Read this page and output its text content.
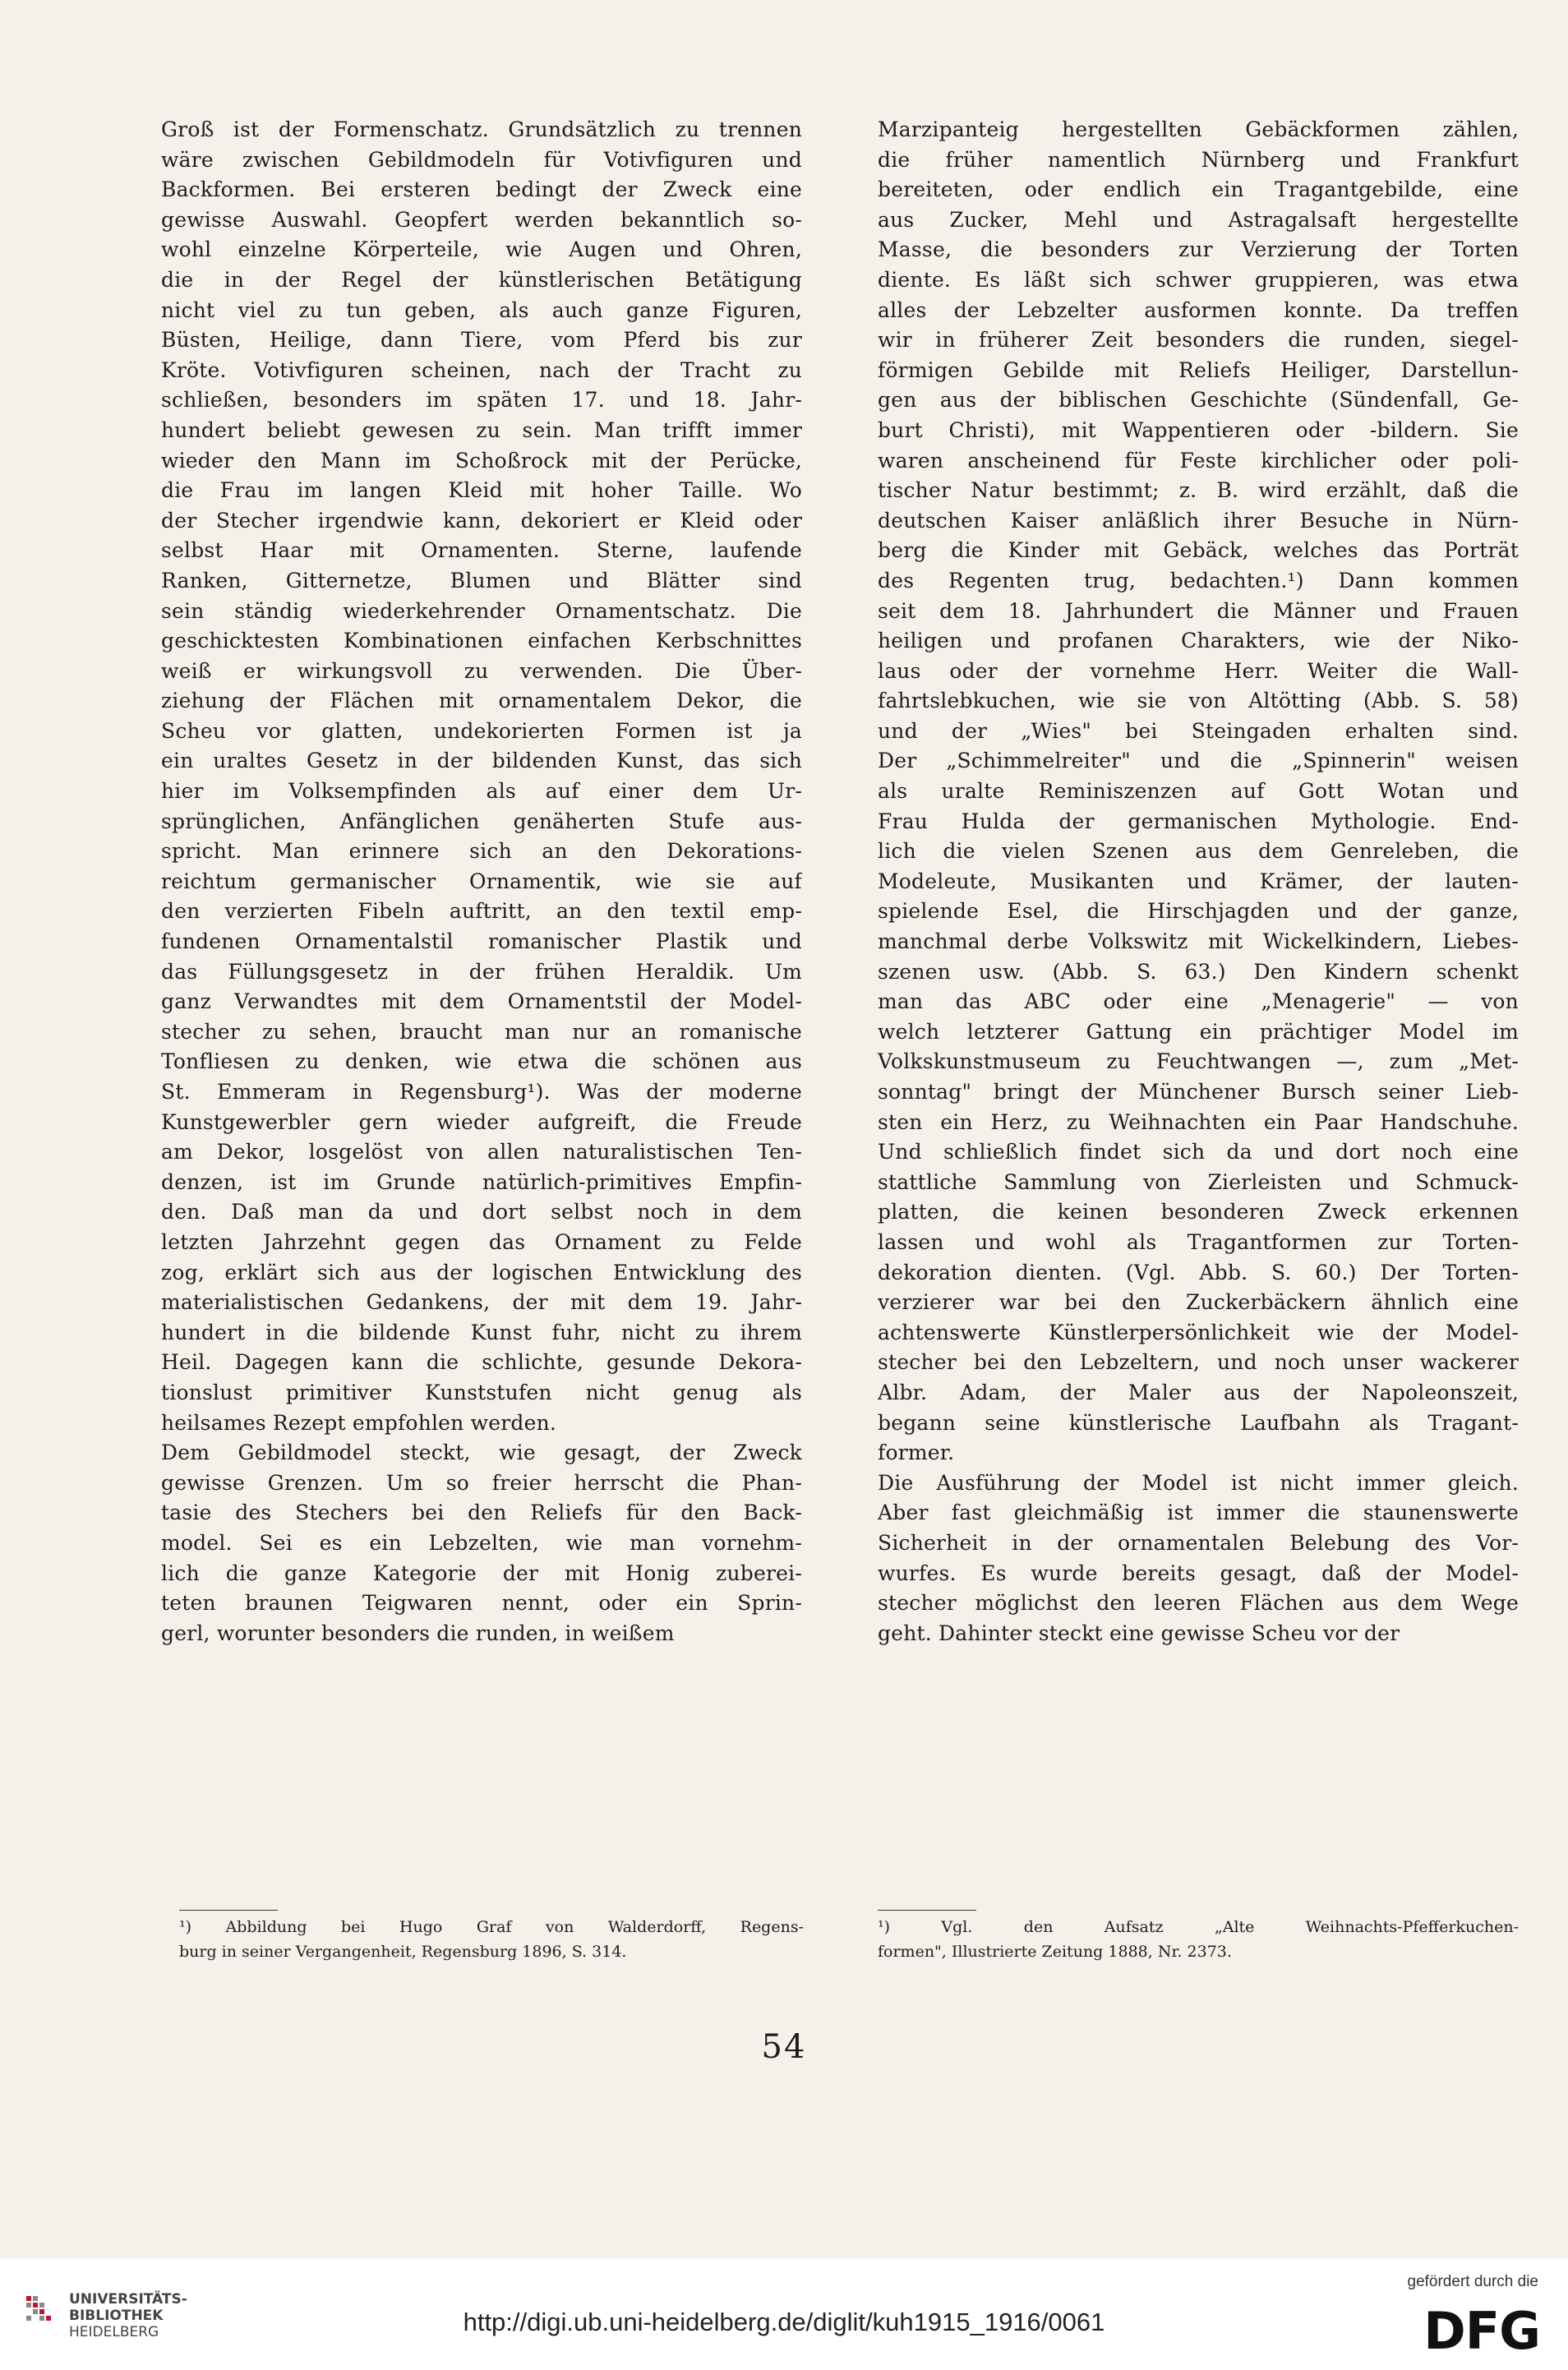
Groß ist der Formenschatz. Grundsätzlich zu trennen
wäre zwischen Gebildmodeln für Votivfiguren und
Backformen. Bei ersteren bedingt der Zweck eine
gewisse Auswahl. Geopfert werden bekanntlich so-
wohl einzelne Körperteile, wie Augen und Ohren,
die in der Regel der künstlerischen Betätigung
nicht viel zu tun geben, als auch ganze Figuren,
Büsten, Heilige, dann Tiere, vom Pferd bis zur
Kröte. Votivfiguren scheinen, nach der Tracht zu
schließen, besonders im späten 17. und 18. Jahr-
hundert beliebt gewesen zu sein. Man trifft immer
wieder den Mann im Schoßrock mit der Perücke,
die Frau im langen Kleid mit hoher Taille. Wo
der Stecher irgendwie kann, dekoriert er Kleid oder
selbst Haar mit Ornamenten. Sterne, laufende
Ranken, Gitternetze, Blumen und Blätter sind
sein ständig wiederkehrender Ornamentschatz. Die
geschicktesten Kombinationen einfachen Kerbschnittes
weiß er wirkungsvoll zu verwenden. Die Über-
ziehung der Flächen mit ornamentalem Dekor, die
Scheu vor glatten, undekorierten Formen ist ja
ein uraltes Gesetz in der bildenden Kunst, das sich
hier im Volksempfinden als auf einer dem Ur-
sprünglichen, Anfänglichen genäherten Stufe aus-
spricht. Man erinnere sich an den Dekorations-
reichtum germanischer Ornamentik, wie sie auf
den verzierten Fibeln auftritt, an den textil emp-
fundenen Ornamentalstil romanischer Plastik und
das Füllungsgesetz in der frühen Heraldik. Um
ganz Verwandtes mit dem Ornamentstil der Model-
stecher zu sehen, braucht man nur an romanische
Tonfliesen zu denken, wie etwa die schönen aus
St. Emmeram in Regensburg¹). Was der moderne
Kunstgewerbler gern wieder aufgreift, die Freude
am Dekor, losgelöst von allen naturalistischen Ten-
denzen, ist im Grunde natürlich-primitives Empfin-
den. Daß man da und dort selbst noch in dem
letzten Jahrzehnt gegen das Ornament zu Felde
zog, erklärt sich aus der logischen Entwicklung des
materialistischen Gedankens, der mit dem 19. Jahr-
hundert in die bildende Kunst fuhr, nicht zu ihrem
Heil. Dagegen kann die schlichte, gesunde Dekora-
tionslust primitiver Kunststufen nicht genug als
heilsames Rezept empfohlen werden.
Dem Gebildmodel steckt, wie gesagt, der Zweck
gewisse Grenzen. Um so freier herrscht die Phan-
tasie des Stechers bei den Reliefs für den Back-
model. Sei es ein Lebzelten, wie man vornehm-
lich die ganze Kategorie der mit Honig zuberei-
teten braunen Teigwaren nennt, oder ein Sprin-
gerl, worunter besonders die runden, in weißem
Marzipanteig hergestellten Gebäckformen zählen,
die früher namentlich Nürnberg und Frankfurt
bereiteten, oder endlich ein Tragantgebilde, eine
aus Zucker, Mehl und Astragalsaft hergestellte
Masse, die besonders zur Verzierung der Torten
diente. Es läßt sich schwer gruppieren, was etwa
alles der Lebzelter ausformen konnte. Da treffen
wir in früherer Zeit besonders die runden, siegel-
förmigen Gebilde mit Reliefs Heiliger, Darstellun-
gen aus der biblischen Geschichte (Sündenfall, Ge-
burt Christi), mit Wappentieren oder -bildern. Sie
waren anscheinend für Feste kirchlicher oder poli-
tischer Natur bestimmt; z. B. wird erzählt, daß die
deutschen Kaiser anläßlich ihrer Besuche in Nürn-
berg die Kinder mit Gebäck, welches das Porträt
des Regenten trug, bedachten.¹) Dann kommen
seit dem 18. Jahrhundert die Männer und Frauen
heiligen und profanen Charakters, wie der Niko-
laus oder der vornehme Herr. Weiter die Wall-
fahrtslebkuchen, wie sie von Altötting (Abb. S. 58)
und der „Wies" bei Steingaden erhalten sind.
Der „Schimmelreiter" und die „Spinnerin" weisen
als uralte Reminiszenzen auf Gott Wotan und
Frau Hulda der germanischen Mythologie. End-
lich die vielen Szenen aus dem Genreleben, die
Modeleute, Musikanten und Krämer, der lauten-
spielende Esel, die Hirschjagden und der ganze,
manchmal derbe Volkswitz mit Wickelkindern, Liebes-
szenen usw. (Abb. S. 63.) Den Kindern schenkt
man das ABC oder eine „Menagerie" — von
welch letzterer Gattung ein prächtiger Model im
Volkskunstmuseum zu Feuchtwangen —, zum „Met-
sonntag" bringt der Münchener Bursch seiner Lieb-
sten ein Herz, zu Weihnachten ein Paar Handschuhe.
Und schließlich findet sich da und dort noch eine
stattliche Sammlung von Zierleisten und Schmuck-
platten, die keinen besonderen Zweck erkennen
lassen und wohl als Tragantformen zur Torten-
dekoration dienten. (Vgl. Abb. S. 60.) Der Torten-
verzierer war bei den Zuckerbäckern ähnlich eine
achtenswerte Künstlerpersönlichkeit wie der Model-
stecher bei den Lebzeltern, und noch unser wackerer
Albr. Adam, der Maler aus der Napoleonszeit,
begann seine künstlerische Laufbahn als Tragant-
former.
Die Ausführung der Model ist nicht immer gleich.
Aber fast gleichmäßig ist immer die staunenswerte
Sicherheit in der ornamentalen Belebung des Vor-
wurfes. Es wurde bereits gesagt, daß der Model-
stecher möglichst den leeren Flächen aus dem Wege
geht. Dahinter steckt eine gewisse Scheu vor der
¹) Abbildung bei Hugo Graf von Walderdorff, Regens-
burg in seiner Vergangenheit, Regensburg 1896, S. 314.
¹) Vgl. den Aufsatz „Alte Weihnachts-Pfefferkuchen-
formen", Illustrierte Zeitung 1888, Nr. 2373.
54
UNIVERSITÄTS-
BIBLIOTHEK
HEIDELBERG	http://digi.ub.uni-heidelberg.de/diglit/kuh1915_1916/0061
gefördert durch die
DFG
